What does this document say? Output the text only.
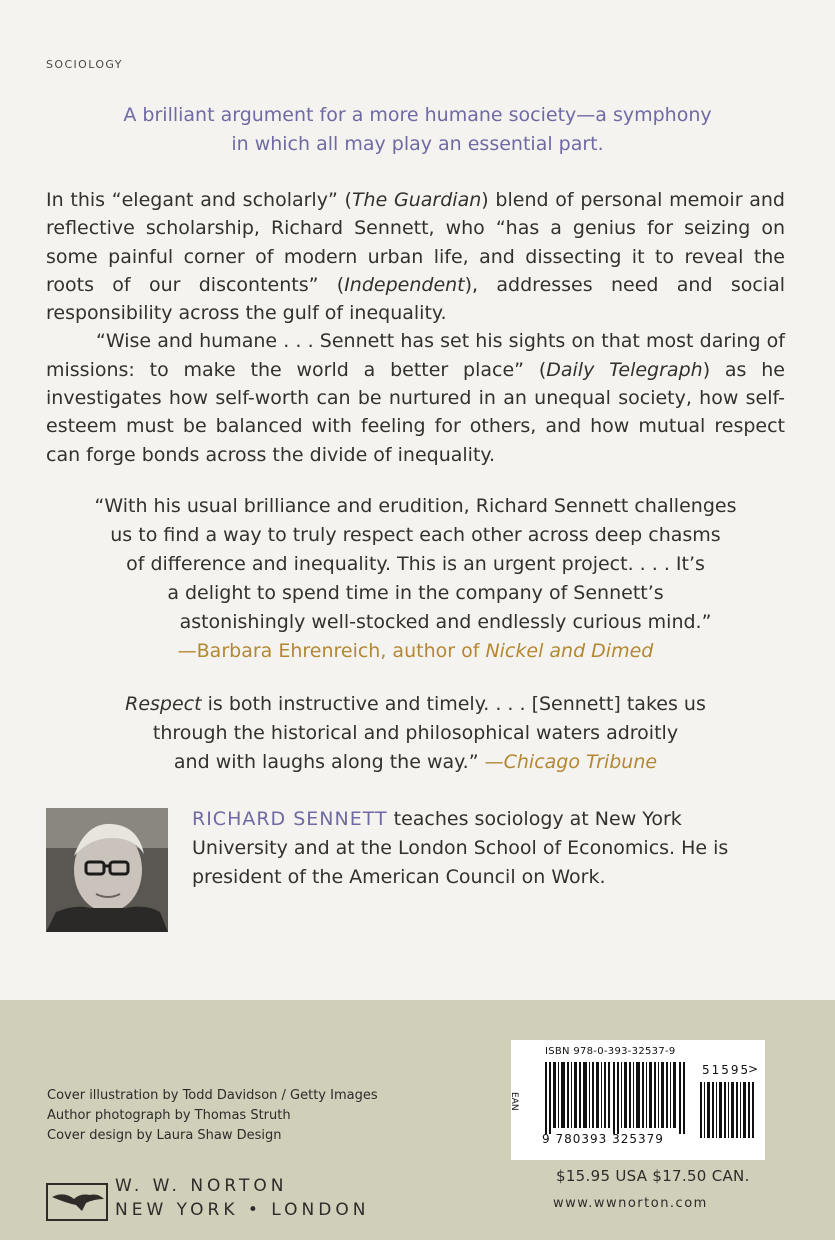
SOCIOLOGY
A brilliant argument for a more humane society—a symphony
in which all may play an essential part.

In this “elegant and scholarly” (The Guardian) blend of personal memoir and reflective scholarship, Richard Sennett, who “has a genius for seizing on some painful corner of modern urban life, and dissecting it to reveal the roots of our discontents” (Independent), addresses need and social responsibility across the gulf of inequality.

“Wise and humane . . . Sennett has set his sights on that most daring of missions: to make the world a better place” (Daily Telegraph) as he investigates how self-worth can be nurtured in an unequal society, how self-esteem must be balanced with feeling for others, and how mutual respect can forge bonds across the divide of inequality.

“With his usual brilliance and erudition, Richard Sennett challenges
us to find a way to truly respect each other across deep chasms
of difference and inequality. This is an urgent project. . . . It’s
a delight to spend time in the company of Sennett’s
astonishingly well-stocked and endlessly curious mind.”
—Barbara Ehrenreich, author of Nickel and Dimed
Respect is both instructive and timely. . . . [Sennett] takes us
through the historical and philosophical waters adroitly
and with laughs along the way.” —Chicago Tribune
RICHARD SENNETT teaches sociology at New York
University and at the London School of Economics. He is
president of the American Council on Work.
Cover illustration by Todd Davidson / Getty Images
Author photograph by Thomas Struth
Cover design by Laura Shaw Design
W. W. NORTON
NEW YORK • LONDON
ISBN 978-0-393-32537-9
EAN
51595
>
9 780393 325379
$15.95 USA $17.50 CAN.
www.wwnorton.com
